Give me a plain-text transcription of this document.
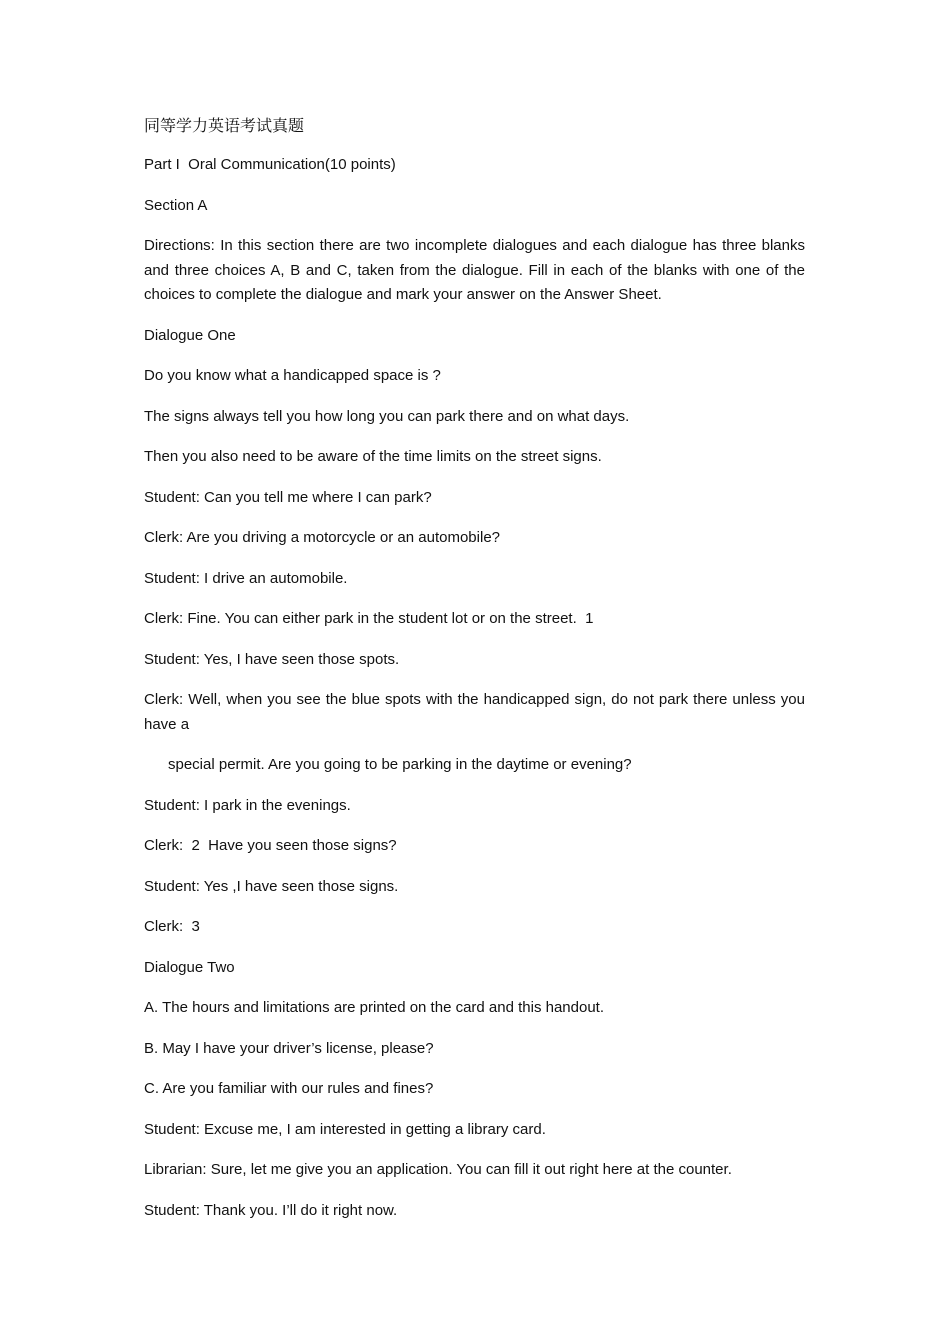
同等学力英语考试真题
Part I  Oral Communication(10 points)
Section A
Directions: In this section there are two incomplete dialogues and each dialogue has three blanks and three choices A, B and C, taken from the dialogue. Fill in each of the blanks with one of the choices to complete the dialogue and mark your answer on the Answer Sheet.
Dialogue One
Do you know what a handicapped space is ?
The signs always tell you how long you can park there and on what days.
Then you also need to be aware of the time limits on the street signs.
Student: Can you tell me where I can park?
Clerk: Are you driving a motorcycle or an automobile?
Student: I drive an automobile.
Clerk: Fine. You can either park in the student lot or on the street.  1
Student: Yes, I have seen those spots.
Clerk: Well, when you see the blue spots with the handicapped sign, do not park there unless you have a
special permit. Are you going to be parking in the daytime or evening?
Student: I park in the evenings.
Clerk:  2  Have you seen those signs?
Student: Yes ,I have seen those signs.
Clerk:  3
Dialogue Two
A. The hours and limitations are printed on the card and this handout.
B. May I have your driver’s license, please?
C. Are you familiar with our rules and fines?
Student: Excuse me, I am interested in getting a library card.
Librarian: Sure, let me give you an application. You can fill it out right here at the counter.
Student: Thank you. I’ll do it right now.
